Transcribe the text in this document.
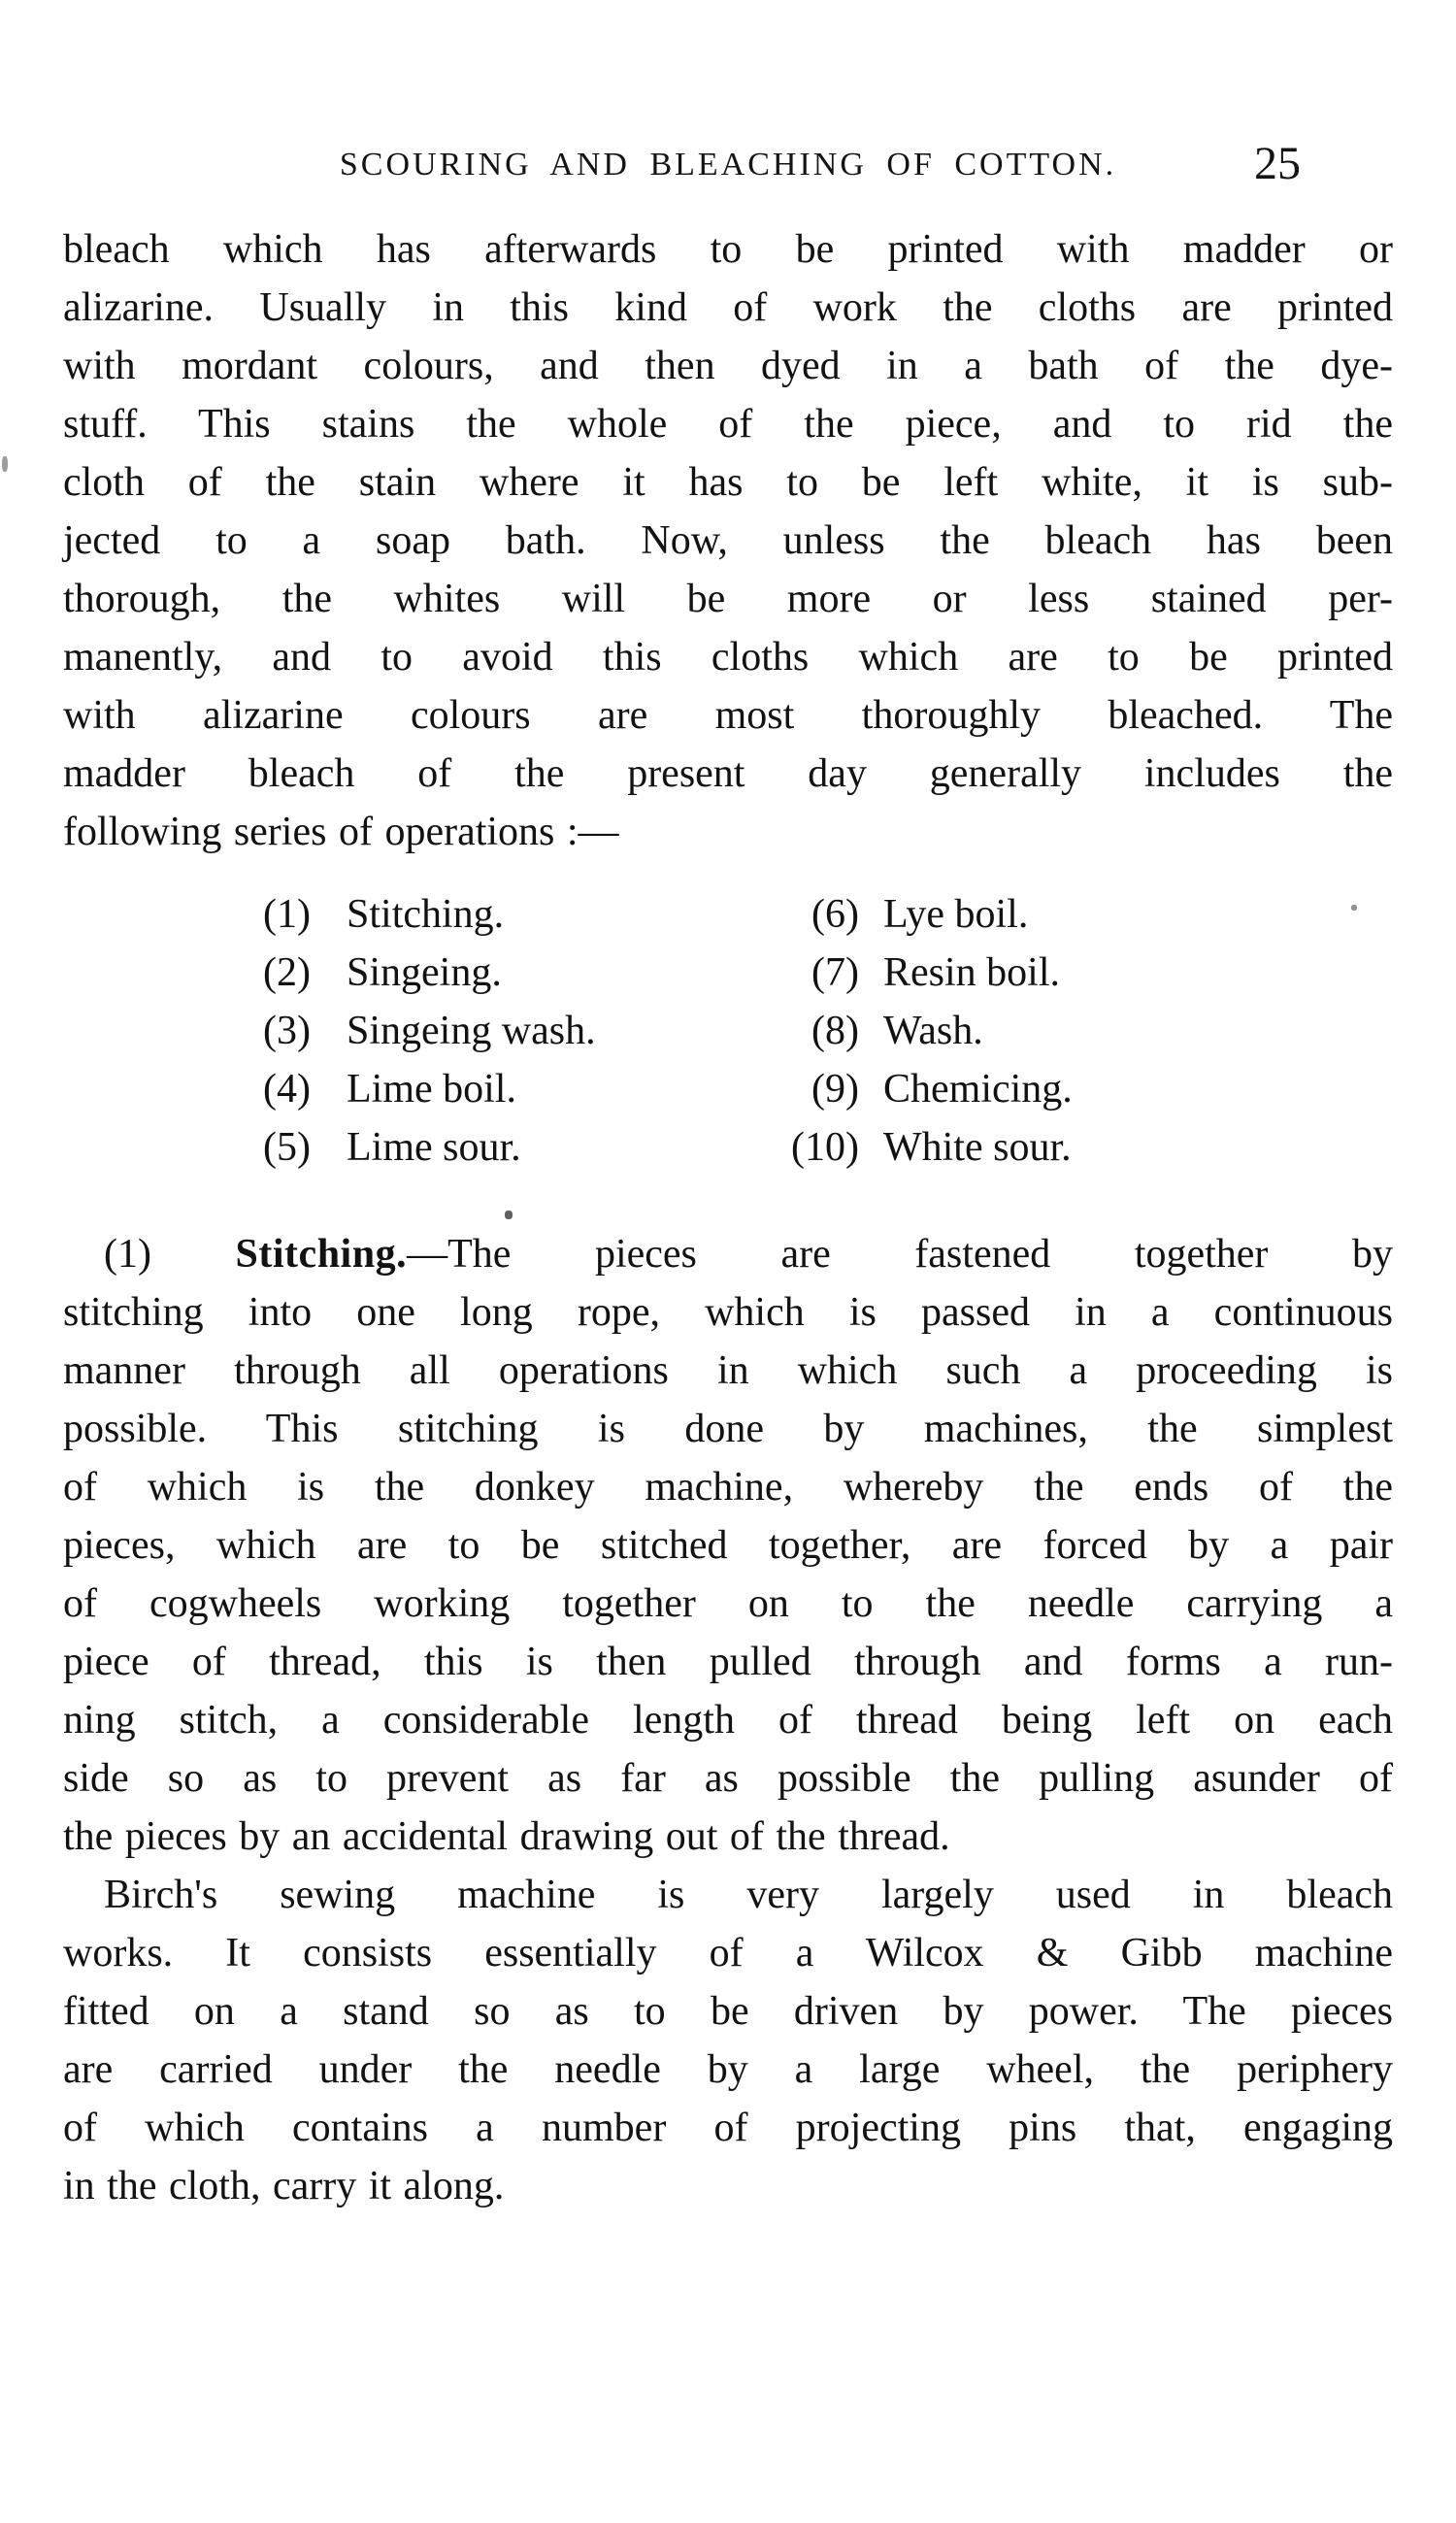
SCOURING AND BLEACHING OF COTTON.	25
bleach which has afterwards to be printed with madder or
alizarine. Usually in this kind of work the cloths are printed
with mordant colours, and then dyed in a bath of the dye-
stuff. This stains the whole of the piece, and to rid the
cloth of the stain where it has to be left white, it is sub-
jected to a soap bath. Now, unless the bleach has been
thorough, the whites will be more or less stained per-
manently, and to avoid this cloths which are to be printed
with alizarine colours are most thoroughly bleached. The
madder bleach of the present day generally includes the
following series of operations :—
(1) Stitching.	(6) Lye boil.
(2) Singeing.	(7) Resin boil.
(3) Singeing wash.	(8) Wash.
(4) Lime boil.	(9) Chemicing.
(5) Lime sour.	(10) White sour.
(1) Stitching.—The pieces are fastened together by
stitching into one long rope, which is passed in a continuous
manner through all operations in which such a proceeding is
possible. This stitching is done by machines, the simplest
of which is the donkey machine, whereby the ends of the
pieces, which are to be stitched together, are forced by a pair
of cogwheels working together on to the needle carrying a
piece of thread, this is then pulled through and forms a run-
ning stitch, a considerable length of thread being left on each
side so as to prevent as far as possible the pulling asunder of
the pieces by an accidental drawing out of the thread.
Birch's sewing machine is very largely used in bleach
works. It consists essentially of a Wilcox & Gibb machine
fitted on a stand so as to be driven by power. The pieces
are carried under the needle by a large wheel, the periphery
of which contains a number of projecting pins that, engaging
in the cloth, carry it along.
